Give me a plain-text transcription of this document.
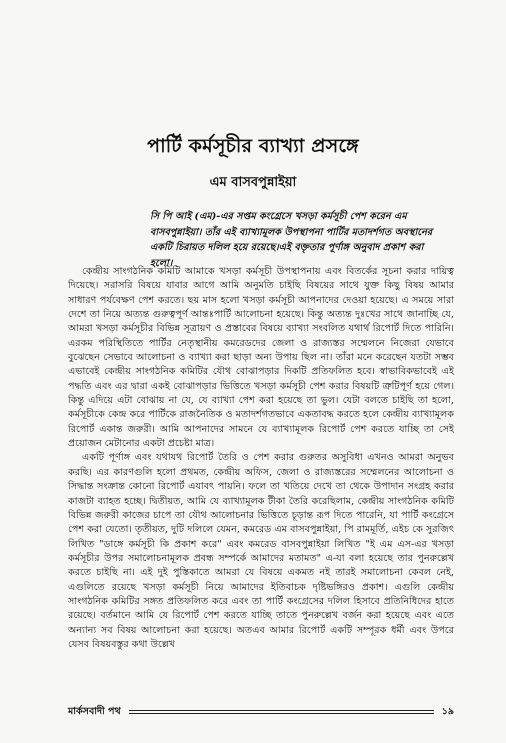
পার্টি কর্মসূচীর ব্যাখ্যা প্রসঙ্গে
এম বাসবপুন্নাইয়া
সি পি আই (এম)-এর সপ্তম কংগ্রেসে খসড়া কর্মসূচী পেশ করেন এম বাসবপুন্নাইয়া। তাঁর এই ব্যাখ্যামূলক উপস্থাপনা পার্টির মতাদর্শগত অবস্থানের একটি চিরায়ত দলিল হয়ে রয়েছে।এই বক্তৃতার পূর্ণাঙ্গ অনুবাদ প্রকাশ করা হলো।

কেন্দ্রীয় সাংগঠনিক কমিটি আমাকে খসড়া কর্মসূচী উপস্থাপনায় এবং বিতর্কের সূচনা করার দায়িত্ব দিয়েছে। সরাসরি বিষয়ে যাবার আগে আমি অনুমতি চাইছি বিষয়ের সাথে যুক্ত কিছু বিষয় আমার সাধারণ পর্যবেক্ষণ পেশ করতে। ছয় মাস হলো খসড়া কর্মসূচী আপনাদের দেওয়া হয়েছে। এ সময়ে সারা দেশে তা নিয়ে অত্যন্ত গুরুত্বপূর্ণ আন্তঃপার্টি আলোচনা হয়েছে। কিন্তু অত্যন্ত দুঃখের সাথে জানাচ্ছি যে, আমরা খসড়া কর্মসূচীর বিভিন্ন সূত্রায়ণ ও প্রস্তাবের বিষয়ে ব্যাখ্যা সংবলিত যথার্থ রিপোর্ট দিতে পারিনি। এরকম পরিস্থিতিতে পার্টির নেতৃস্থানীয় কমরেডদের জেলা ও রাজ্যস্তর সম্মেলনে নিজেরা যেভাবে বুঝেছেন সেভাবে আলোচনা ও ব্যাখ্যা করা ছাড়া অন্য উপায় ছিল না। তাঁরা মনে করেছেন যতটা সম্ভব এভাবেই কেন্দ্রীয় সাংগঠনিক কমিটির যৌথ বোঝাপড়ার দিকটি প্রতিফলিত হবে। স্বাভাবিকভাবেই এই পদ্ধতি এবং এর দ্বারা একই বোঝাপড়ার ভিত্তিতে খসড়া কর্মসূচী পেশ করার বিষয়টি ত্রুটিপূর্ণ হয়ে গেল। কিন্তু এদিয়ে এটা বোঝায় না যে, যে ব্যাখ্যা পেশ করা হয়েছে তা ভুল। যেটা বলতে চাইছি তা হলো, কর্মসূচীকে কেন্দ্র করে পার্টিকে রাজনৈতিক ও মতাদর্শগতভাবে একতাবদ্ধ করতে হলে কেন্দ্রীয় ব্যাখ্যামূলক রিপোর্ট একান্ত জরুরী। আমি আপনাদের সামনে যে ব্যাখ্যামূলক রিপোর্ট পেশ করতে যাচ্ছি তা সেই প্রয়োজন মেটানোর একটা প্রচেষ্টা মাত্র।

একটি পূর্ণাঙ্গ এবং যথাযথ রিপোর্ট তৈরি ও পেশ করার গুরুতর অসুবিধা এখনও আমরা অনুভব করছি। এর কারণগুলি হলো প্রথমত, কেন্দ্রীয় অফিস, জেলা ও রাজ্যস্তরের সম্মেলনের আলোচনা ও সিদ্ধান্ত সংক্রান্ত কোনো রিপোর্ট এযাবৎ পায়নি। ফলে তা খতিয়ে দেখে তা থেকে উপাদান সংগ্রহ করার কাজটা ব্যাহত হচ্ছে। দ্বিতীয়ত, আমি যে ব্যাখ্যামূলক টীকা তৈরি করেছিলাম, কেন্দ্রীয় সাংগঠনিক কমিটি বিভিন্ন জরুরী কাজের চাপে তা যৌথ আলোচনার ভিত্তিতে চূড়ান্ত রূপ দিতে পারেনি, যা পার্টি কংগ্রেসে পেশ করা যেতো। তৃতীয়ত, দুটি দলিলে যেমন, কমরেড এম বাসবপুন্নাইয়া, পি রামমূর্তি, এইচ কে সুরজিৎ লিখিত "ডাঙ্গে কর্মসূচী কি প্রকাশ করে" এবং কমরেড বাসবপুন্নাইয়া লিখিত "ই এম এস-এর খসড়া কর্মসূচীর উপর সমালোচনামূলক প্রবন্ধ সম্পর্কে আমাদের মতামত" এ-যা বলা হয়েছে তার পুনরুল্লেখ করতে চাইছি না। এই দুই পুস্তিকাতে আমরা যে বিষয়ে একমত নই তারই সমালোচনা কেবল নেই, এগুলিতে রয়েছে খসড়া কর্মসূচী নিয়ে আমাদের ইতিবাচক দৃষ্টিভঙ্গিরও প্রকাশ। এগুলি কেন্দ্রীয় সাংগঠনিক কমিটির সঙ্গত প্রতিফলিত করে এবং তা পার্টি কংগ্রেসের দলিল হিসাবে প্রতিনিধিদের হাতে রয়েছে। বর্তমানে আমি যে রিপোর্ট পেশ করতে যাচ্ছি তাতে পুনরুল্লেখ বর্জন করা হয়েছে এবং এতে অন্যান্য সব বিষয় আলোচনা করা হয়েছে। অতএব আমার রিপোর্ট একটি সম্পূরক ধর্মী এবং উপরে যেসব বিষয়বস্তুর কথা উল্লেখ

মার্কসবাদী পথ	১৯
